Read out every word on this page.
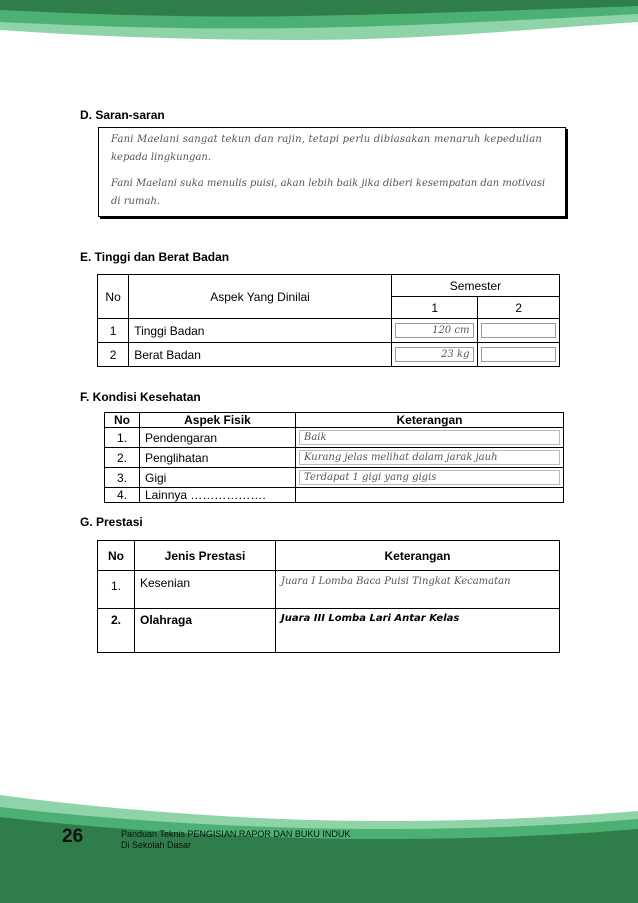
D. Saran-saran
Fani Maelani sangat tekun dan rajin, tetapi perlu dibiasakan menaruh kepedulian
kepada lingkungan.
Fani Maelani suka menulis puisi, akan lebih baik jika diberi kesempatan dan motivasi
di rumah.
E. Tinggi dan Berat Badan
No	Aspek Yang Dinilai	Semester	
		1	2
1	Tinggi Badan	120 cm	

2	Berat Badan	23 kg	

F. Kondisi Kesehatan
No	Aspek Fisik	Keterangan
1.	Pendengaran	Baik

2.	Penglihatan	Kurang jelas melihat dalam jarak jauh

3.	Gigi	Terdapat 1 gigi yang gigis

4.	Lainnya ……………….	
G. Prestasi
No	Jenis Prestasi	Keterangan
1.	Kesenian	Juara I Lomba Baca Puisi Tingkat Kecamatan
2.	Olahraga	Juara III Lomba Lari Antar Kelas
26	Panduan Teknis PENGISIAN RAPOR DAN BUKU INDUK
Di Sekolah Dasar
